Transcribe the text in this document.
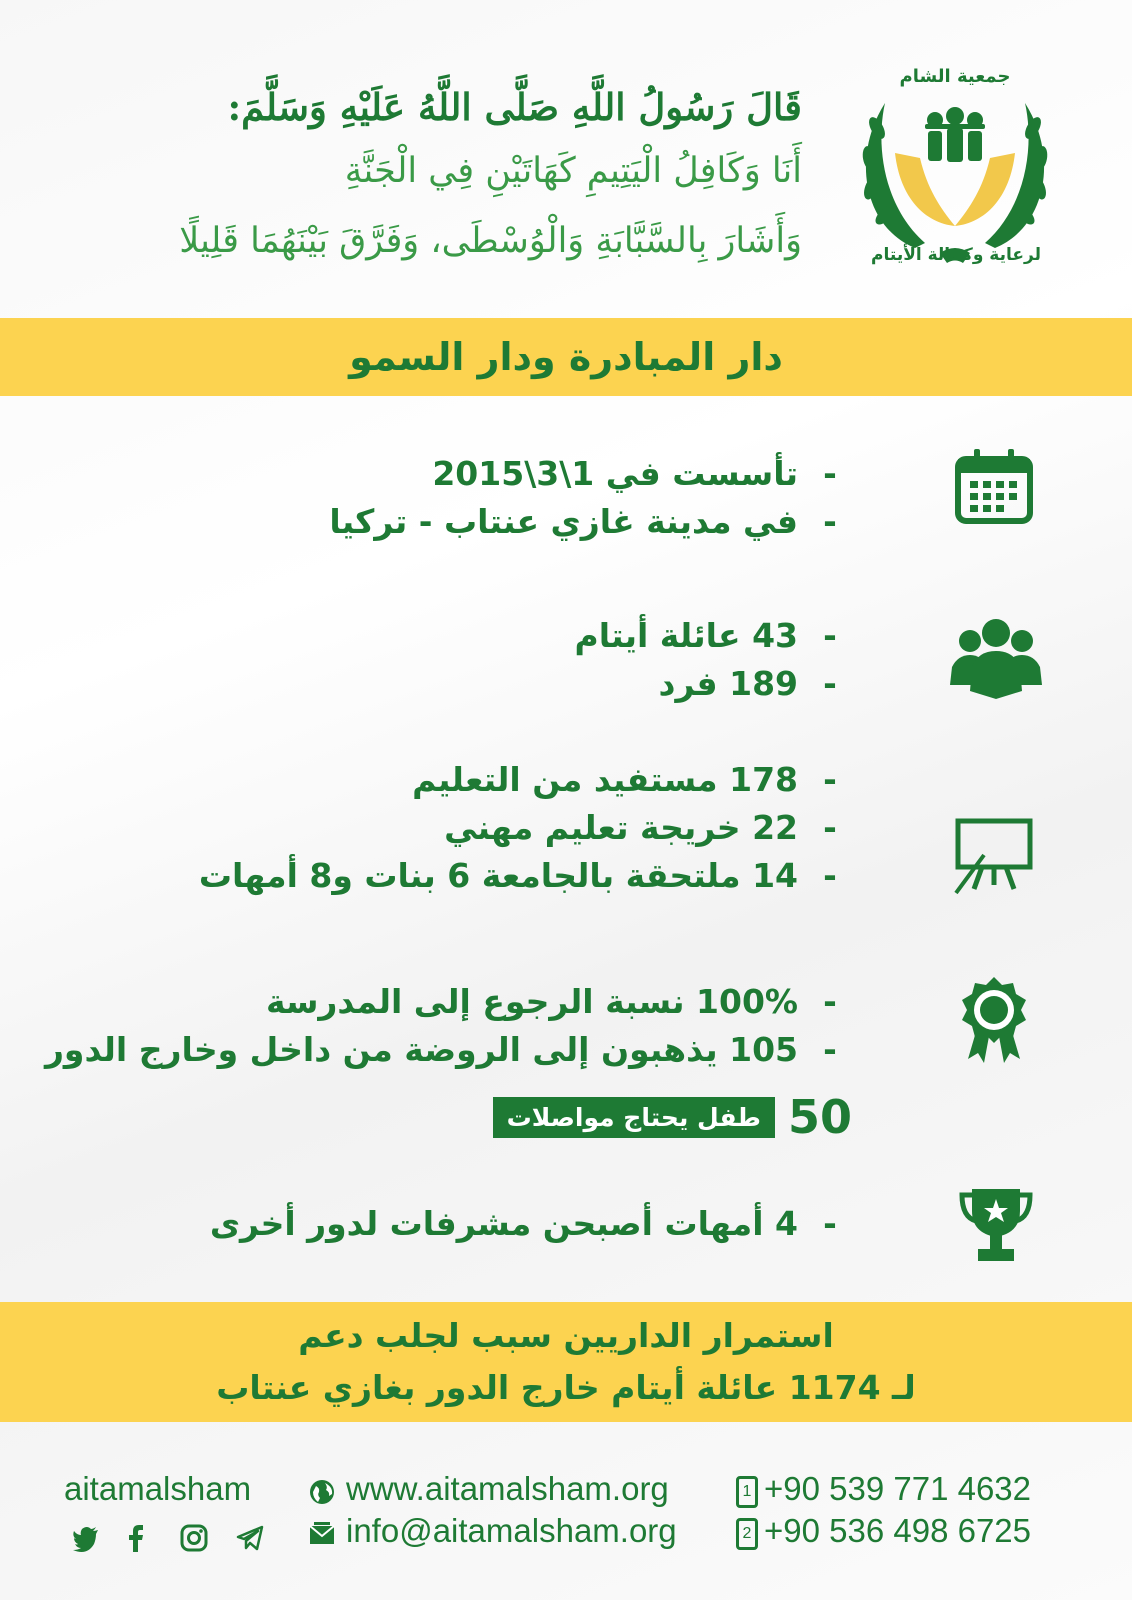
قَالَ رَسُولُ اللَّهِ صَلَّى اللَّهُ عَلَيْهِ وَسَلَّمَ:
أَنَا وَكَافِلُ الْيَتِيمِ كَهَاتَيْنِ فِي الْجَنَّةِ
وَأَشَارَ بِالسَّبَّابَةِ وَالْوُسْطَى، وَفَرَّقَ بَيْنَهُمَا قَلِيلًا
جمعية الشام
لرعاية وكفالة الأيتام
دار المبادرة ودار السمو
-تأسست في 1\3\2015
-في مدينة غازي عنتاب - تركيا
-43 عائلة أيتام
-189 فرد
-178 مستفيد من التعليم
-22 خريجة تعليم مهني
-14 ملتحقة بالجامعة 6 بنات و8 أمهات
-100% نسبة الرجوع إلى المدرسة
-105 يذهبون إلى الروضة من داخل وخارج الدور
50 طفل يحتاج مواصلات
-4 أمهات أصبحن مشرفات لدور أخرى
استمرار الداريين سبب لجلب دعم
لـ 1174 عائلة أيتام خارج الدور بغازي عنتاب
aitamalsham	www.aitamalsham.org
info@aitamalsham.org
1 +90 539 771 4632
2 +90 536 498 6725
